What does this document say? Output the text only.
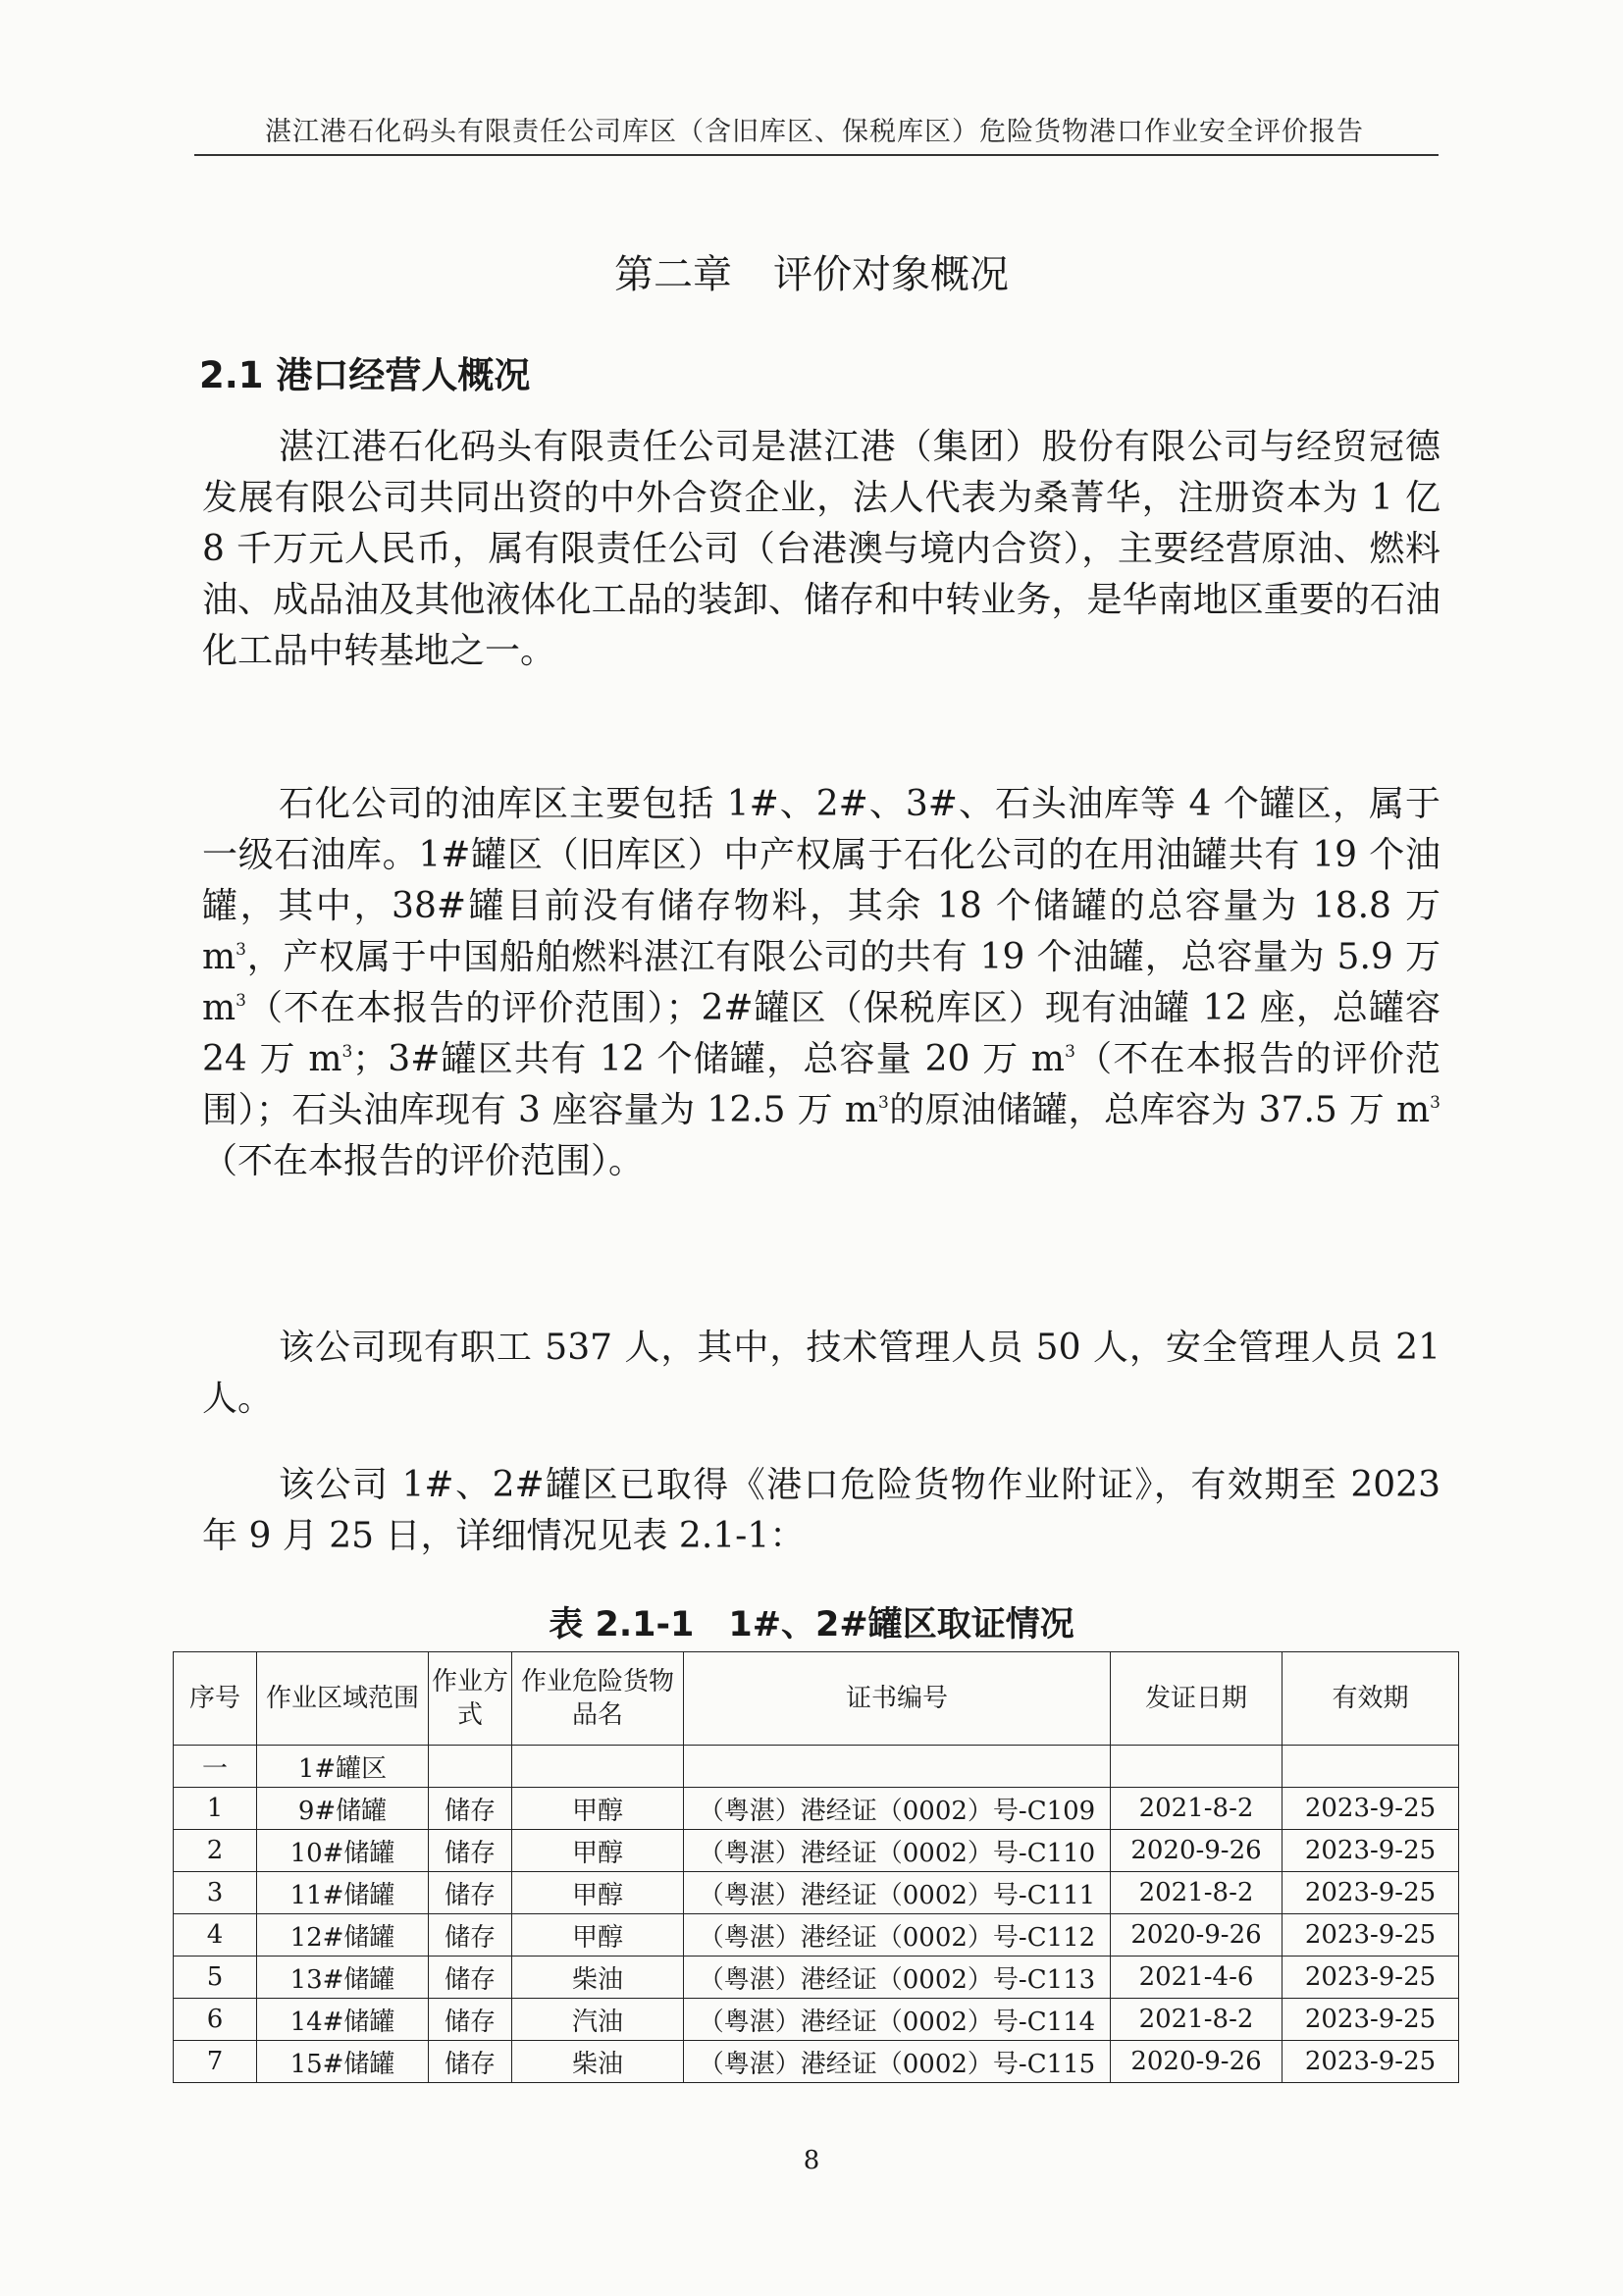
湛江港石化码头有限责任公司库区（含旧库区、保税库区）危险货物港口作业安全评价报告
第二章 评价对象概况
2.1 港口经营人概况

湛江港石化码头有限责任公司是湛江港（集团）股份有限公司与经贸冠德发展有限公司共同出资的中外合资企业，法人代表为桑菁华，注册资本为 1 亿 8 千万元人民币，属有限责任公司（台港澳与境内合资），主要经营原油、燃料油、成品油及其他液体化工品的装卸、储存和中转业务，是华南地区重要的石油化工品中转基地之一。

石化公司的油库区主要包括 1#、2#、3#、石头油库等 4 个罐区，属于一级石油库。1#罐区（旧库区）中产权属于石化公司的在用油罐共有 19 个油罐，其中，38#罐目前没有储存物料，其余 18 个储罐的总容量为 18.8 万 $m^3$，产权属于中国船舶燃料湛江有限公司的共有 19 个油罐，总容量为 5.9 万 $m^3$（不在本报告的评价范围）；2#罐区（保税库区）现有油罐 12 座，总罐容 24 万 $m^3$；3#罐区共有 12 个储罐，总容量 20 万 $m^3$（不在本报告的评价范围）；石头油库现有 3 座容量为 12.5 万 $m^3$的原油储罐，总库容为 37.5 万 $m^3$（不在本报告的评价范围）。

该公司现有职工 537 人，其中，技术管理人员 50 人，安全管理人员 21 人。

该公司 1#、2#罐区已取得《港口危险货物作业附证》，有效期至 2023 年 9 月 25 日，详细情况见表 2.1-1：

表 2.1-1　1#、2#罐区取证情况
序号	作业区域范围	作业方式	作业危险货物品名	证书编号	发证日期	有效期
一	1#罐区					
1	9#储罐	储存	甲醇	（粤湛）港经证（0002）号-C109	2021-8-2	2023-9-25
2	10#储罐	储存	甲醇	（粤湛）港经证（0002）号-C110	2020-9-26	2023-9-25
3	11#储罐	储存	甲醇	（粤湛）港经证（0002）号-C111	2021-8-2	2023-9-25
4	12#储罐	储存	甲醇	（粤湛）港经证（0002）号-C112	2020-9-26	2023-9-25
5	13#储罐	储存	柴油	（粤湛）港经证（0002）号-C113	2021-4-6	2023-9-25
6	14#储罐	储存	汽油	（粤湛）港经证（0002）号-C114	2021-8-2	2023-9-25
7	15#储罐	储存	柴油	（粤湛）港经证（0002）号-C115	2020-9-26	2023-9-25
8
